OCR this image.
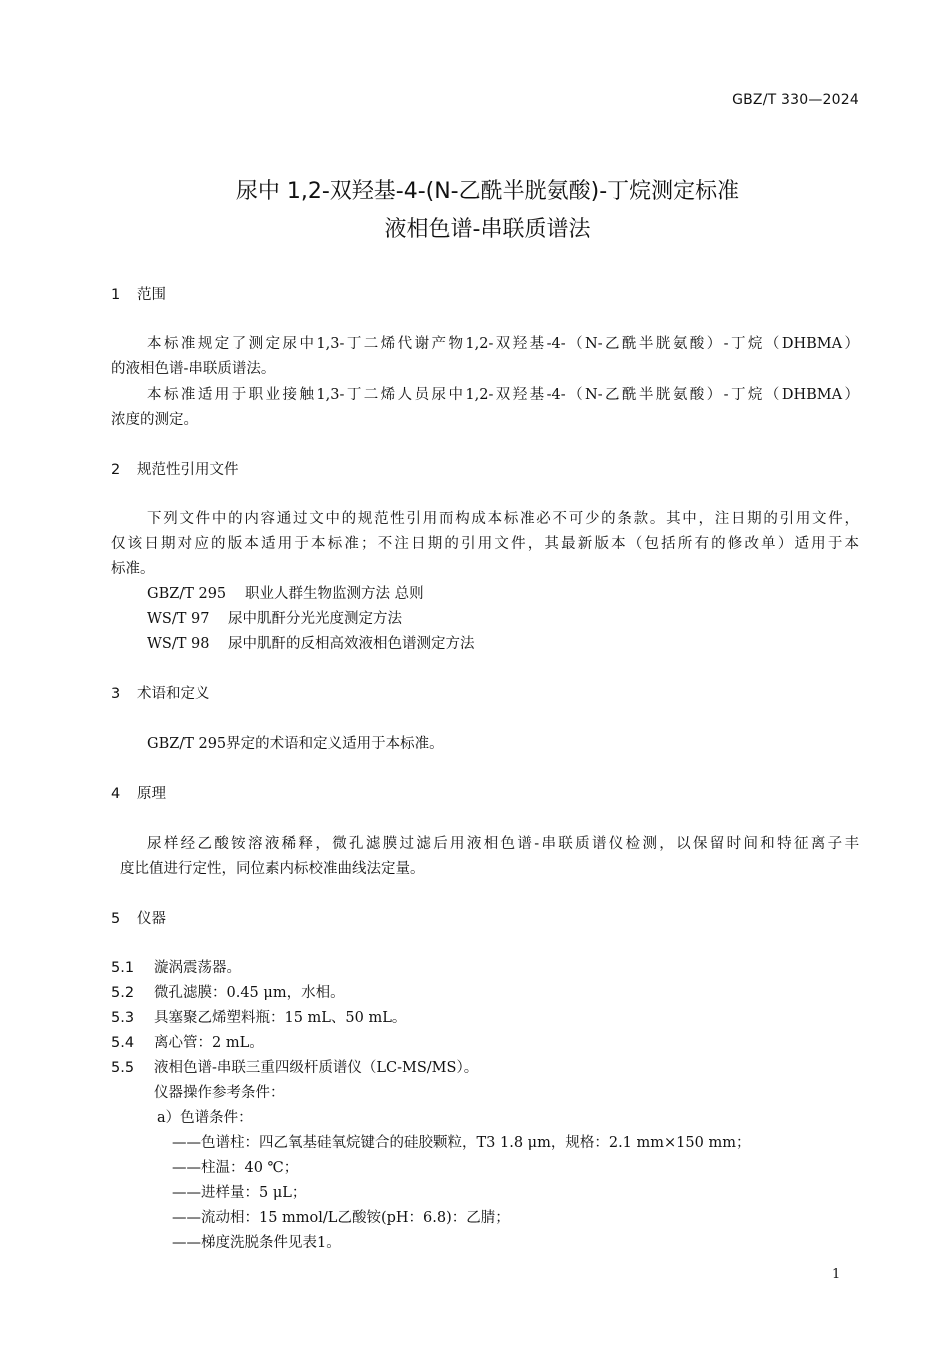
GBZ/T 330—2024
尿中 1,2-双羟基-4-(N-乙酰半胱氨酸)-丁烷测定标准
液相色谱-串联质谱法
1 范围
本标准规定了测定尿中1,3-丁二烯代谢产物1,2-双羟基-4-（N-乙酰半胱氨酸）-丁烷（DHBMA）
的液相色谱-串联质谱法。
本标准适用于职业接触1,3-丁二烯人员尿中1,2-双羟基-4-（N-乙酰半胱氨酸）-丁烷（DHBMA）
浓度的测定。
2 规范性引用文件
下列文件中的内容通过文中的规范性引用而构成本标准必不可少的条款。其中，注日期的引用文件，
仅该日期对应的版本适用于本标准；不注日期的引用文件，其最新版本（包括所有的修改单）适用于本
标准。
GBZ/T 295 职业人群生物监测方法 总则
WS/T 97 尿中肌酐分光光度测定方法
WS/T 98 尿中肌酐的反相高效液相色谱测定方法
3 术语和定义
GBZ/T 295界定的术语和定义适用于本标准。
4 原理
尿样经乙酸铵溶液稀释，微孔滤膜过滤后用液相色谱-串联质谱仪检测，以保留时间和特征离子丰
度比值进行定性，同位素内标校准曲线法定量。
5 仪器
5.1 漩涡震荡器。
5.2 微孔滤膜：0.45 μm，水相。
5.3 具塞聚乙烯塑料瓶：15 mL、50 mL。
5.4 离心管：2 mL。
5.5 液相色谱-串联三重四级杆质谱仪（LC-MS/MS）。
仪器操作参考条件：
a）色谱条件：
——色谱柱：四乙氧基硅氧烷键合的硅胶颗粒，T3 1.8 μm，规格：2.1 mm×150 mm；
——柱温：40 ℃；
——进样量：5 μL；
——流动相：15 mmol/L乙酸铵(pH：6.8)：乙腈；
——梯度洗脱条件见表1。
1
